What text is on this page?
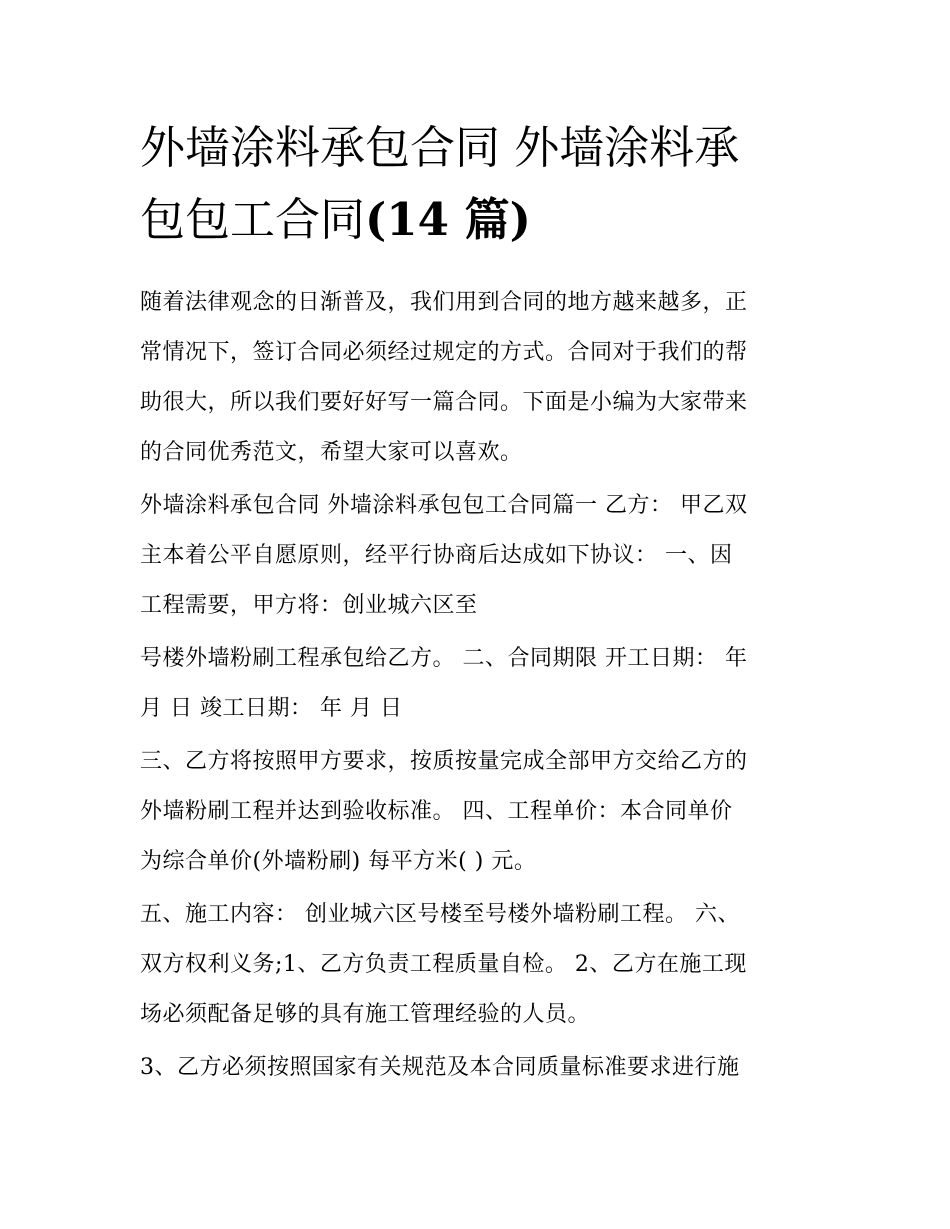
外墙涂料承包合同 外墙涂料承
包包工合同(14 篇)

随着法律观念的日渐普及，我们用到合同的地方越来越多，正
常情况下，签订合同必须经过规定的方式。合同对于我们的帮
助很大，所以我们要好好写一篇合同。下面是小编为大家带来
的合同优秀范文，希望大家可以喜欢。

外墙涂料承包合同 外墙涂料承包包工合同篇一 乙方： 甲乙双
主本着公平自愿原则，经平行协商后达成如下协议： 一、因
工程需要，甲方将：创业城六区至

号楼外墙粉刷工程承包给乙方。 二、合同期限 开工日期： 年
月 日 竣工日期： 年 月 日

三、乙方将按照甲方要求，按质按量完成全部甲方交给乙方的
外墙粉刷工程并达到验收标准。 四、工程单价：本合同单价
为综合单价(外墙粉刷) 每平方米( ) 元。

五、施工内容： 创业城六区号楼至号楼外墙粉刷工程。 六、
双方权利义务;1、乙方负责工程质量自检。 2、乙方在施工现
场必须配备足够的具有施工管理经验的人员。

3、乙方必须按照国家有关规范及本合同质量标准要求进行施
